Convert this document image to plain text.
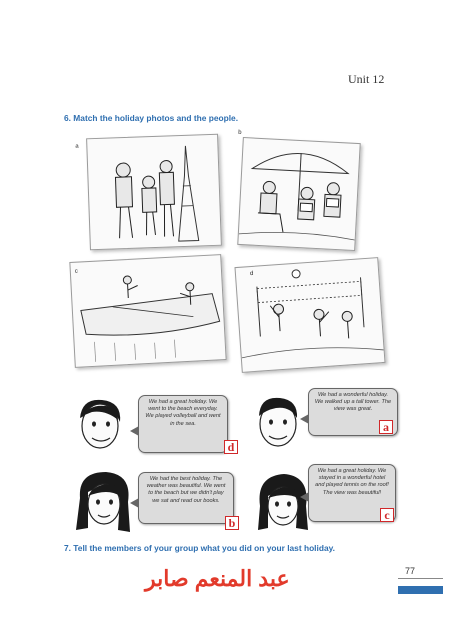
Unit 12
6. Match the holiday photos and the people.
a
b
c	d
We had a great holiday. We went to the beach everyday. We played volleyball and went in the sea.
d
We had a wonderful holiday. We walked up a tall tower. The view was great.
a
We had the best holiday. The weather was beautiful. We went to the beach but we didn't play we sat and read our books.
b
We had a great holiday. We stayed in a wonderful hotel and played tennis on the roof! The view was beautiful!
c
7. Tell the members of your group what you did on your last holiday.
عبد المنعم صابر	77
